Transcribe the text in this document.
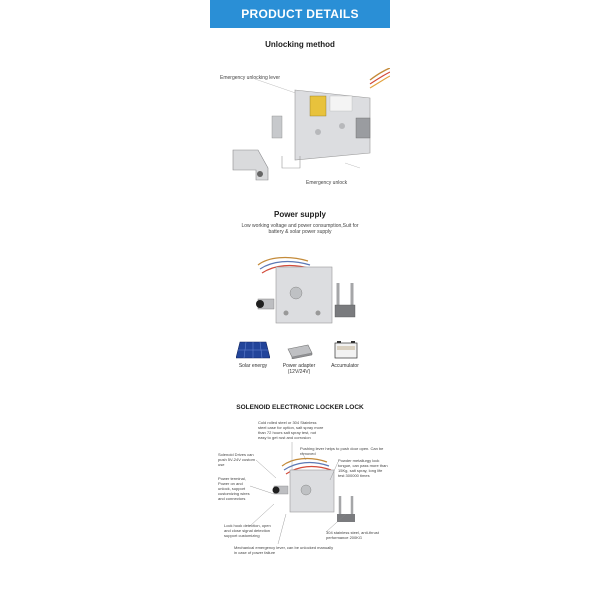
PRODUCT DETAILS
Unlocking method
Emergency unlocking lever
Emergency unlock
Power supply
Low working voltage and power consumption,Suit for battery & solar power supply
Solar energy	Power adapter (12V/24V)
Accumulator
SOLENOID ELECTRONIC LOCKER LOCK
Cold rolled steel or 304 Stainless steel case for option, salt spray more than 72 hours salt spray test, not easy to get rust and corrosion
Pushing lever helps to push door open. Can be removed
Solenoid Drives can push 5V-24V custom use
Powder metallurgy lock tongue, can pass more than 15Kg, salt spray, long life test 300000 times
Power terminal, Power on and unlock, support customizing wires and connectors
304 stainless steel, anti-thrust performance 200KG
Lock hook detection, open and close signal detection support customizing
Mechanical emergency lever, can be unlocked manually in case of power failure
